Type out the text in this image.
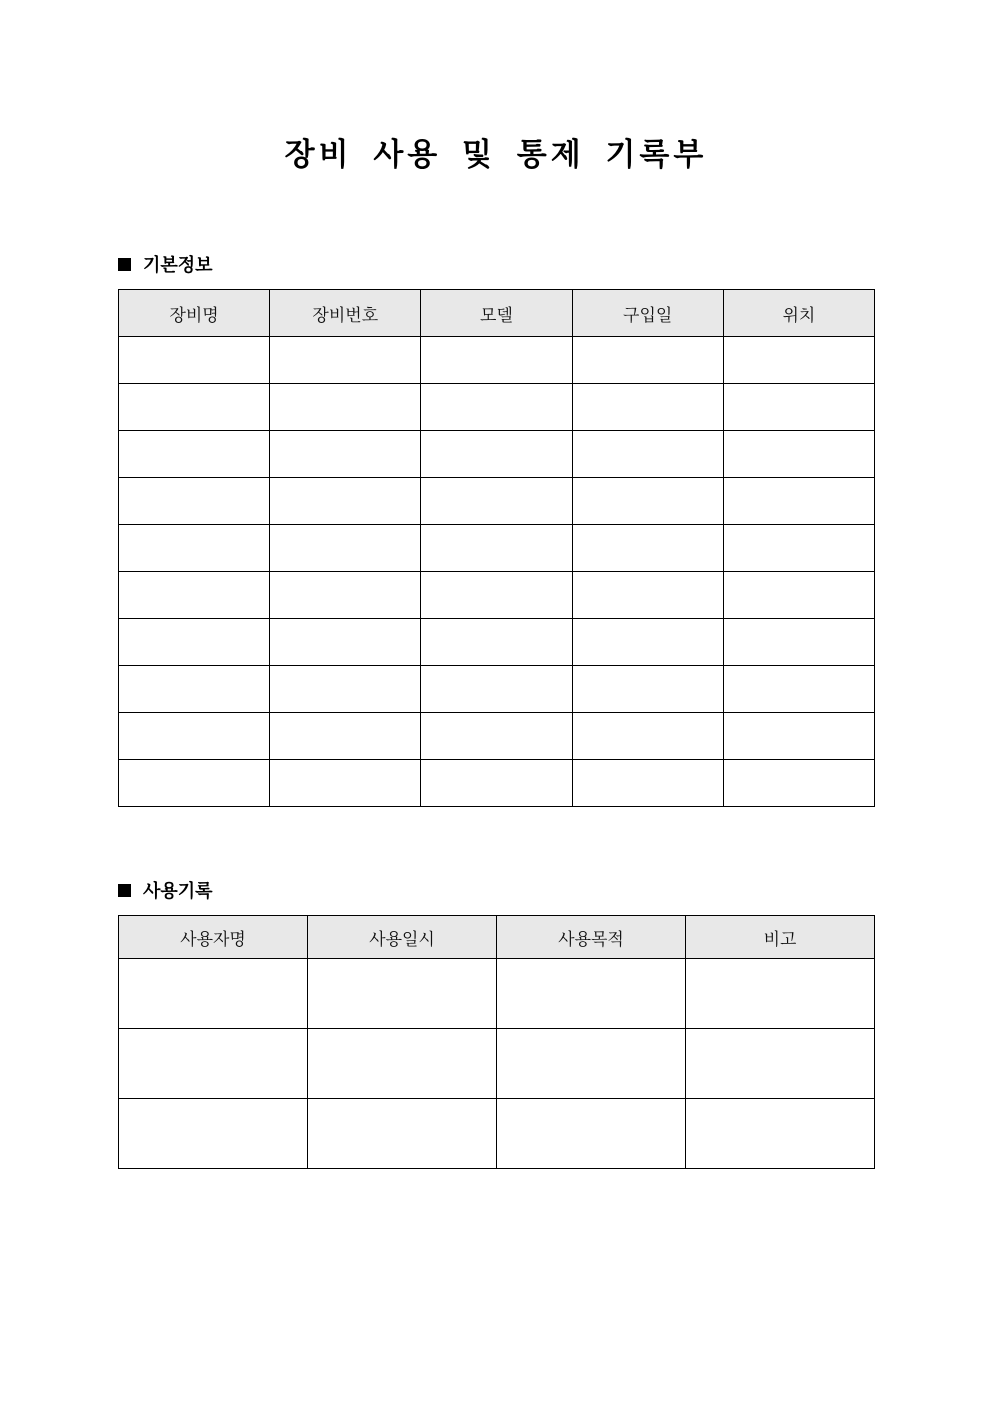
장비 사용 및 통제 기록부
기본정보
장비명	장비번호	모델	구입일	위치

사용기록
사용자명	사용일시	사용목적	비고
